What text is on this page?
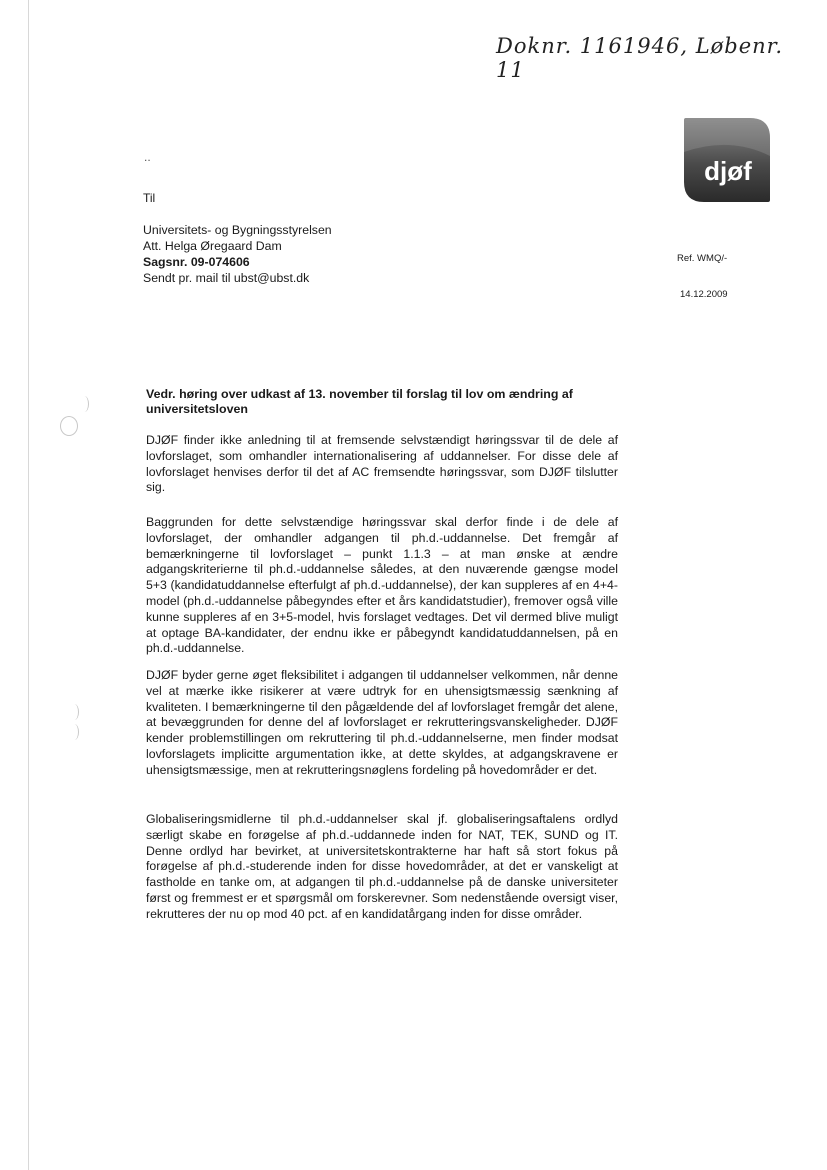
Doknr. 1161946, Løbenr. 11
djøf
..
Til
Universitets- og Bygningsstyrelsen
Att. Helga Øregaard Dam
Sagsnr. 09-074606
Sendt pr. mail til ubst@ubst.dk
Ref. WMQ/-
14.12.2009
Vedr. høring over udkast af 13. november til forslag til lov om ændring af universitetsloven
DJØF finder ikke anledning til at fremsende selvstændigt høringssvar til de dele af lovforslaget, som omhandler internationalisering af uddannelser. For disse dele af lovforslaget henvises derfor til det af AC fremsendte høringssvar, som DJØF tilslutter sig.
Baggrunden for dette selvstændige høringssvar skal derfor finde i de dele af lovforslaget, der omhandler adgangen til ph.d.-uddannelse. Det fremgår af bemærkningerne til lovforslaget – punkt 1.1.3 – at man ønske at ændre adgangskriterierne til ph.d.-uddannelse således, at den nuværende gængse model 5+3 (kandidatuddannelse efterfulgt af ph.d.-uddannelse), der kan suppleres af en 4+4-model (ph.d.-uddannelse påbegyndes efter et års kandidatstudier), fremover også ville kunne suppleres af en 3+5-model, hvis forslaget vedtages. Det vil dermed blive muligt at optage BA-kandidater, der endnu ikke er påbegyndt kandidatuddannelsen, på en ph.d.-uddannelse.
DJØF byder gerne øget fleksibilitet i adgangen til uddannelser velkommen, når denne vel at mærke ikke risikerer at være udtryk for en uhensigtsmæssig sænkning af kvaliteten. I bemærkningerne til den pågældende del af lovforslaget fremgår det alene, at bevæggrunden for denne del af lovforslaget er rekrutteringsvanskeligheder. DJØF kender problemstillingen om rekruttering til ph.d.-uddannelserne, men finder modsat lovforslagets implicitte argumentation ikke, at dette skyldes, at adgangskravene er uhensigtsmæssige, men at rekrutteringsnøglens fordeling på hovedområder er det.
Globaliseringsmidlerne til ph.d.-uddannelser skal jf. globaliseringsaftalens ordlyd særligt skabe en forøgelse af ph.d.-uddannede inden for NAT, TEK, SUND og IT. Denne ordlyd har bevirket, at universitetskontrakterne har haft så stort fokus på forøgelse af ph.d.-studerende inden for disse hovedområder, at det er vanskeligt at fastholde en tanke om, at adgangen til ph.d.-uddannelse på de danske universiteter først og fremmest er et spørgsmål om forskerevner. Som nedenstående oversigt viser, rekrutteres der nu op mod 40 pct. af en kandidatårgang inden for disse områder.
